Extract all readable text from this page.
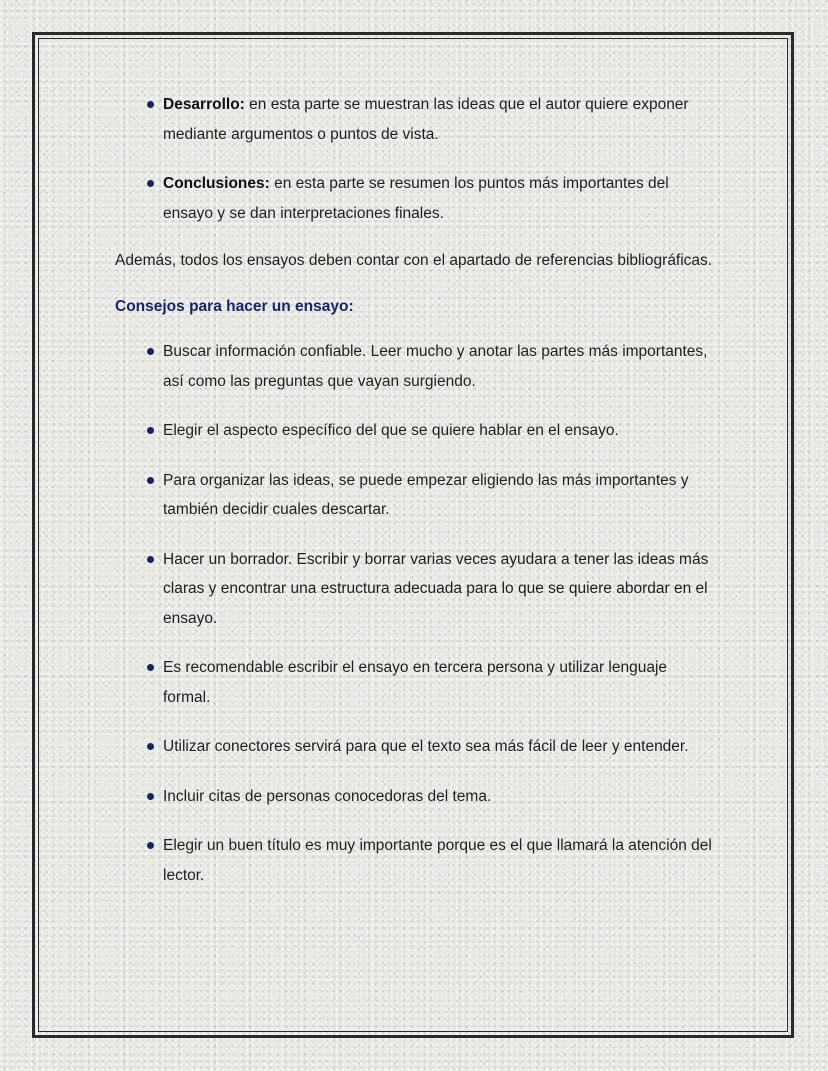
Desarrollo: en esta parte se muestran las ideas que el autor quiere exponer mediante argumentos o puntos de vista.
Conclusiones: en esta parte se resumen los puntos más importantes del ensayo y se dan interpretaciones finales.

Además, todos los ensayos deben contar con el apartado de referencias bibliográficas.

Consejos para hacer un ensayo:

Buscar información confiable. Leer mucho y anotar las partes más importantes, así como las preguntas que vayan surgiendo.
Elegir el aspecto específico del que se quiere hablar en el ensayo.
Para organizar las ideas, se puede empezar eligiendo las más importantes y también decidir cuales descartar.
Hacer un borrador. Escribir y borrar varias veces ayudara a tener las ideas más claras y encontrar una estructura adecuada para lo que se quiere abordar en el ensayo.
Es recomendable escribir el ensayo en tercera persona y utilizar lenguaje formal.
Utilizar conectores servirá para que el texto sea más fácil de leer y entender.
Incluir citas de personas conocedoras del tema.
Elegir un buen título es muy importante porque es el que llamará la atención del lector.
